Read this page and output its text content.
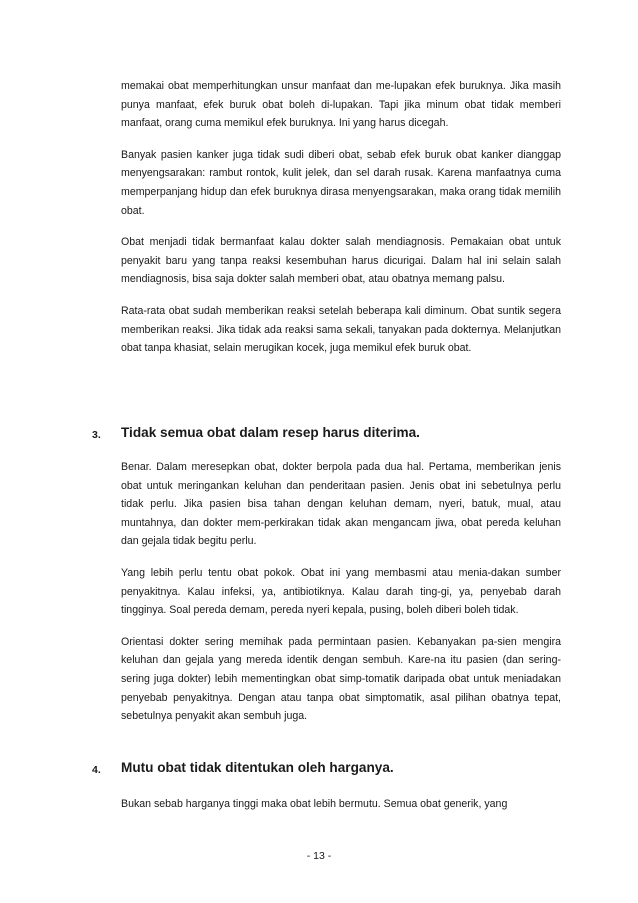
memakai obat memperhitungkan unsur manfaat dan me-lupakan efek buruknya. Jika masih punya manfaat, efek buruk obat boleh di-lupakan. Tapi jika minum obat tidak memberi manfaat, orang cuma memikul efek buruknya. Ini yang harus dicegah.

Banyak pasien kanker juga tidak sudi diberi obat, sebab efek buruk obat kanker dianggap menyengsarakan: rambut rontok, kulit jelek, dan sel darah rusak. Karena manfaatnya cuma memperpanjang hidup dan efek buruknya dirasa menyengsarakan, maka orang tidak memilih obat.

Obat menjadi tidak bermanfaat kalau dokter salah mendiagnosis. Pemakaian obat untuk penyakit baru yang tanpa reaksi kesembuhan harus dicurigai. Dalam hal ini selain salah mendiagnosis, bisa saja dokter salah memberi obat, atau obatnya memang palsu.

Rata-rata obat sudah memberikan reaksi setelah beberapa kali diminum. Obat suntik segera memberikan reaksi. Jika tidak ada reaksi sama sekali, tanyakan pada dokternya. Melanjutkan obat tanpa khasiat, selain merugikan kocek, juga memikul efek buruk obat.

3.	Tidak semua obat dalam resep harus diterima.

Benar. Dalam meresepkan obat, dokter berpola pada dua hal. Pertama, memberikan jenis obat untuk meringankan keluhan dan penderitaan pasien. Jenis obat ini sebetulnya perlu tidak perlu. Jika pasien bisa tahan dengan keluhan demam, nyeri, batuk, mual, atau muntahnya, dan dokter mem-perkirakan tidak akan mengancam jiwa, obat pereda keluhan dan gejala tidak begitu perlu.

Yang lebih perlu tentu obat pokok. Obat ini yang membasmi atau menia-dakan sumber penyakitnya. Kalau infeksi, ya, antibiotiknya. Kalau darah ting-gi, ya, penyebab darah tingginya. Soal pereda demam, pereda nyeri kepala, pusing, boleh diberi boleh tidak.

Orientasi dokter sering memihak pada permintaan pasien. Kebanyakan pa-sien mengira keluhan dan gejala yang mereda identik dengan sembuh. Kare-na itu pasien (dan sering-sering juga dokter) lebih mementingkan obat simp-tomatik daripada obat untuk meniadakan penyebab penyakitnya. Dengan atau tanpa obat simptomatik, asal pilihan obatnya tepat, sebetulnya penyakit akan sembuh juga.

4.	Mutu obat tidak ditentukan oleh harganya.

Bukan sebab harganya tinggi maka obat lebih bermutu. Semua obat generik, yang

- 13 -
